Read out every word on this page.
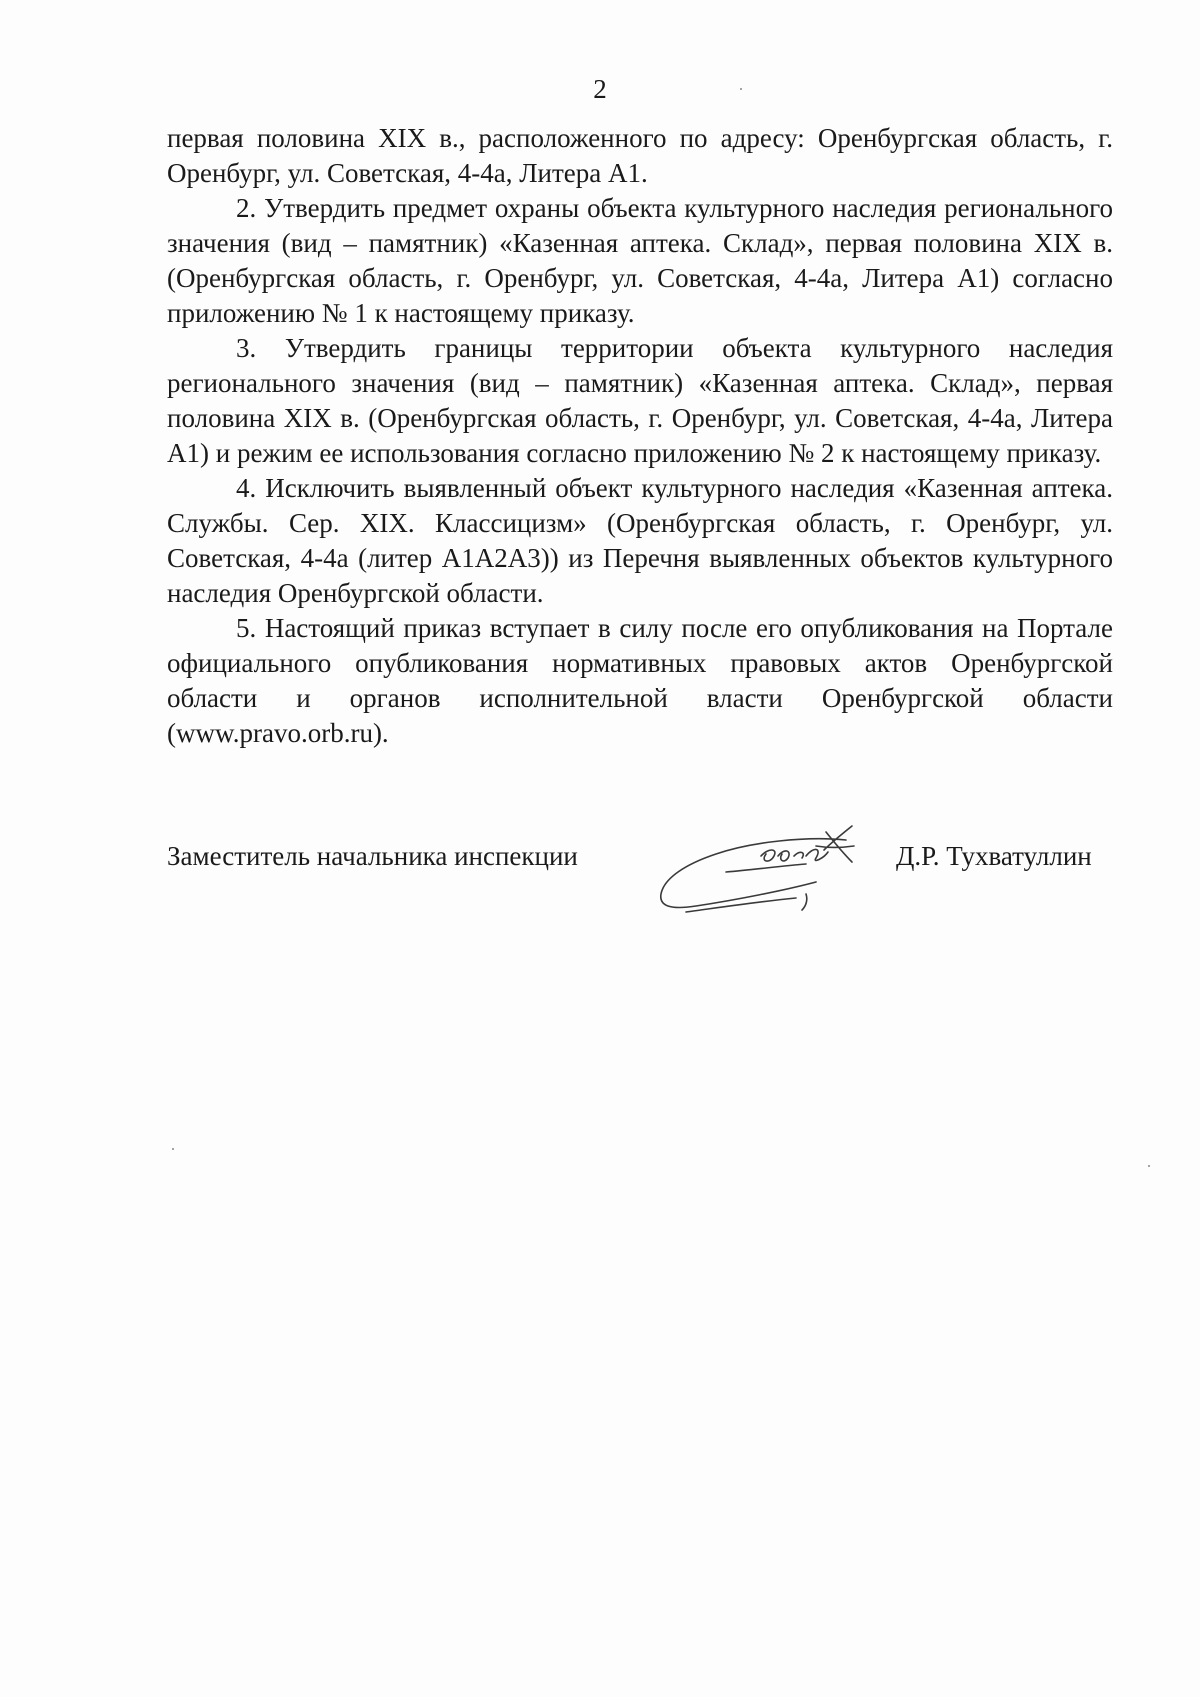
2

первая половина XIX в., расположенного по адресу: Оренбургская область, г. Оренбург, ул. Советская, 4-4а, Литера А1.

2. Утвердить предмет охраны объекта культурного наследия регионального значения (вид – памятник) «Казенная аптека. Склад», первая половина XIX в. (Оренбургская область, г. Оренбург, ул. Советская, 4-4а, Литера А1) согласно приложению № 1 к настоящему приказу.

3. Утвердить границы территории объекта культурного наследия регионального значения (вид – памятник) «Казенная аптека. Склад», первая половина XIX в. (Оренбургская область, г. Оренбург, ул. Советская, 4-4а, Литера А1) и режим ее использования согласно приложению № 2 к настоящему приказу.

4. Исключить выявленный объект культурного наследия «Казенная аптека. Службы. Сер. XIX. Классицизм» (Оренбургская область, г. Оренбург, ул. Советская, 4-4а (литер А1А2А3)) из Перечня выявленных объектов культурного наследия Оренбургской области.

5. Настоящий приказ вступает в силу после его опубликования на Портале официального опубликования нормативных правовых актов Оренбургской области и органов исполнительной власти Оренбургской области (www.pravo.orb.ru).

Заместитель начальника инспекции	Д.Р. Тухватуллин
